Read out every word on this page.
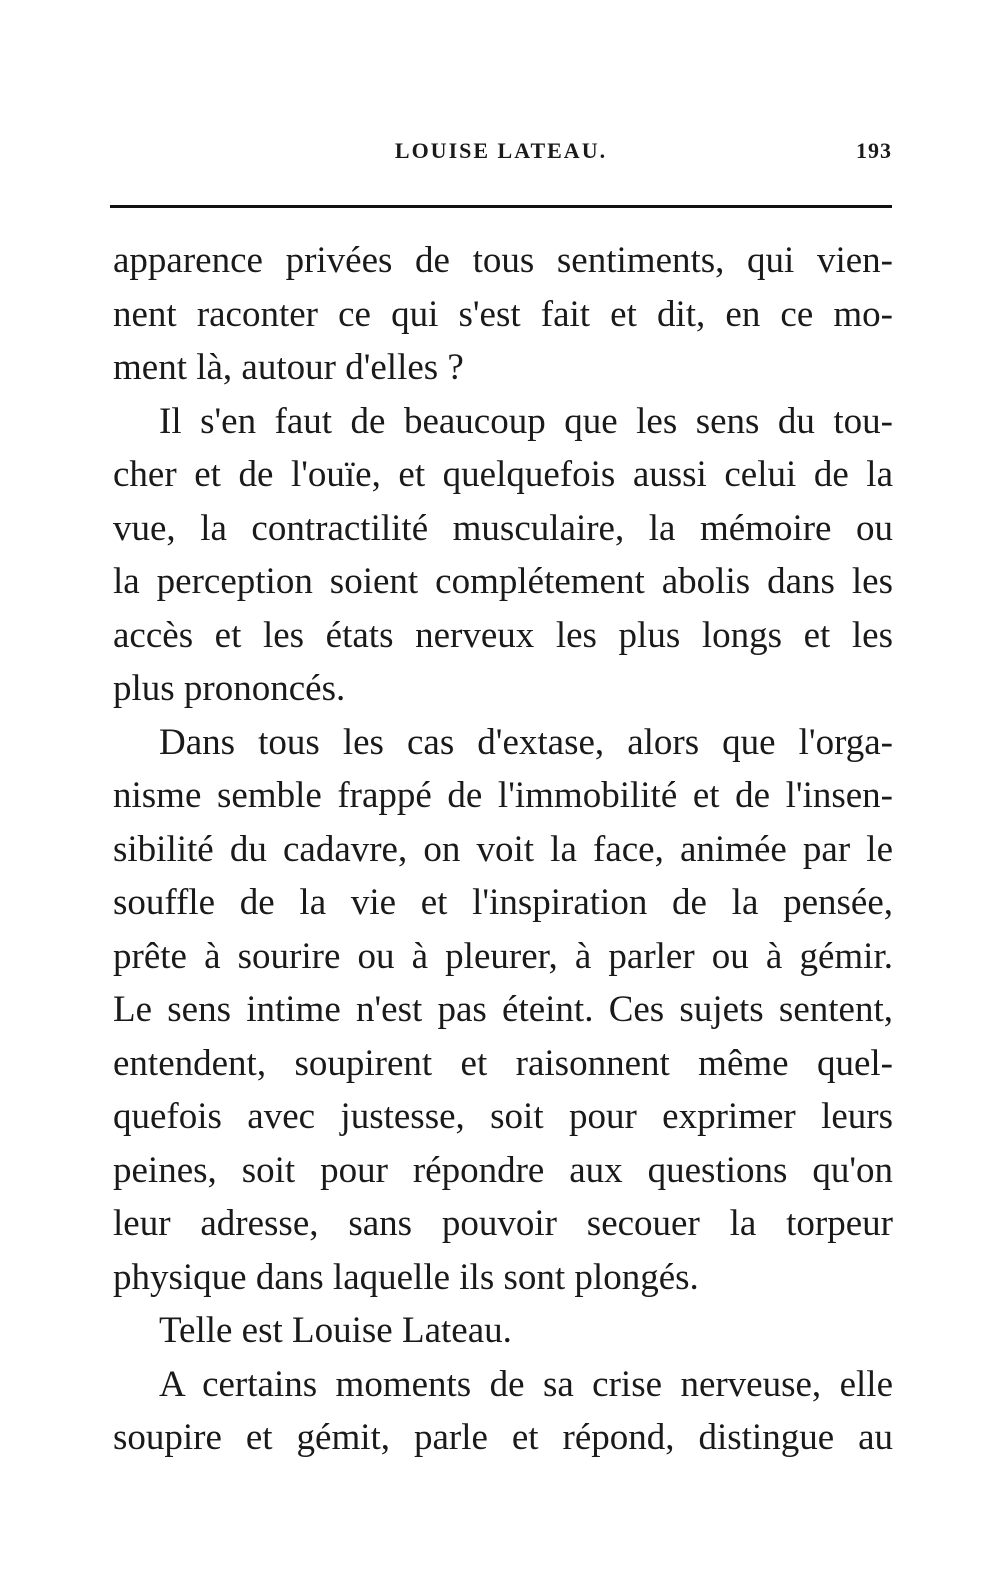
LOUISE LATEAU.	193
apparence privées de tous sentiments, qui vien-
nent raconter ce qui s'est fait et dit, en ce mo-
ment là, autour d'elles ?
Il s'en faut de beaucoup que les sens du tou-
cher et de l'ouïe, et quelquefois aussi celui de la
vue, la contractilité musculaire, la mémoire ou
la perception soient complétement abolis dans les
accès et les états nerveux les plus longs et les
plus prononcés.
Dans tous les cas d'extase, alors que l'orga-
nisme semble frappé de l'immobilité et de l'insen-
sibilité du cadavre, on voit la face, animée par le
souffle de la vie et l'inspiration de la pensée,
prête à sourire ou à pleurer, à parler ou à gémir.
Le sens intime n'est pas éteint. Ces sujets sentent,
entendent, soupirent et raisonnent même quel-
quefois avec justesse, soit pour exprimer leurs
peines, soit pour répondre aux questions qu'on
leur adresse, sans pouvoir secouer la torpeur
physique dans laquelle ils sont plongés.
Telle est Louise Lateau.
A certains moments de sa crise nerveuse, elle
soupire et gémit, parle et répond, distingue au
